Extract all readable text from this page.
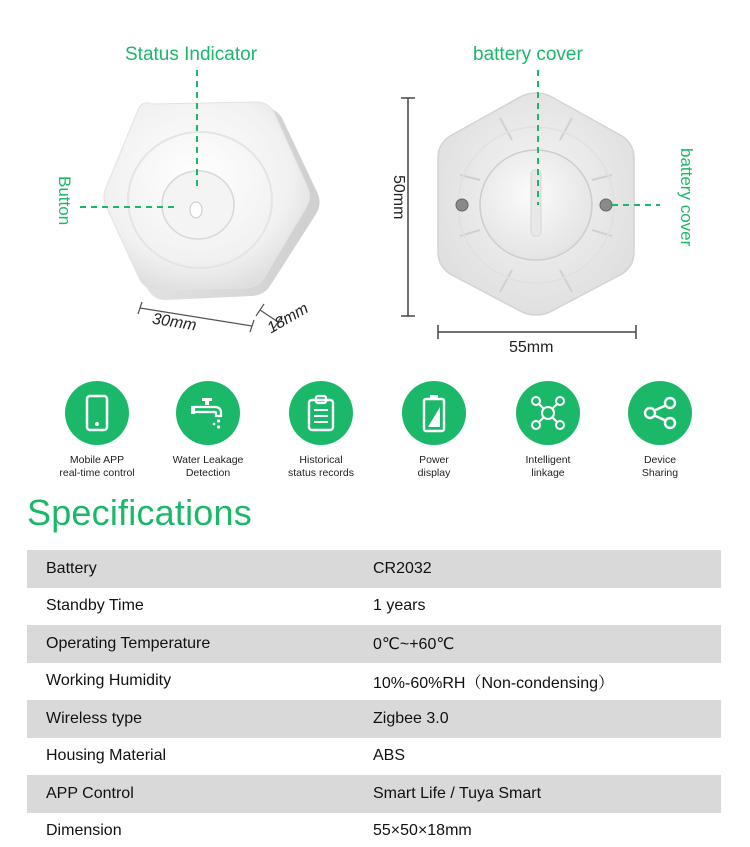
Status Indicator
Button
battery cover
battery cover
30mm	18mm
50mm
55mm
Mobile APP
real-time control
Water Leakage
Detection
Historical
status records
Power
display
Intelligent
linkage
Device
Sharing
Specifications
Battery	CR2032
Standby Time	1 years
Operating Temperature	0℃~+60℃
Working Humidity	10%-60%RH（Non-condensing）
Wireless type	Zigbee 3.0
Housing Material	ABS
APP Control	Smart Life / Tuya Smart
Dimension	55×50×18mm
